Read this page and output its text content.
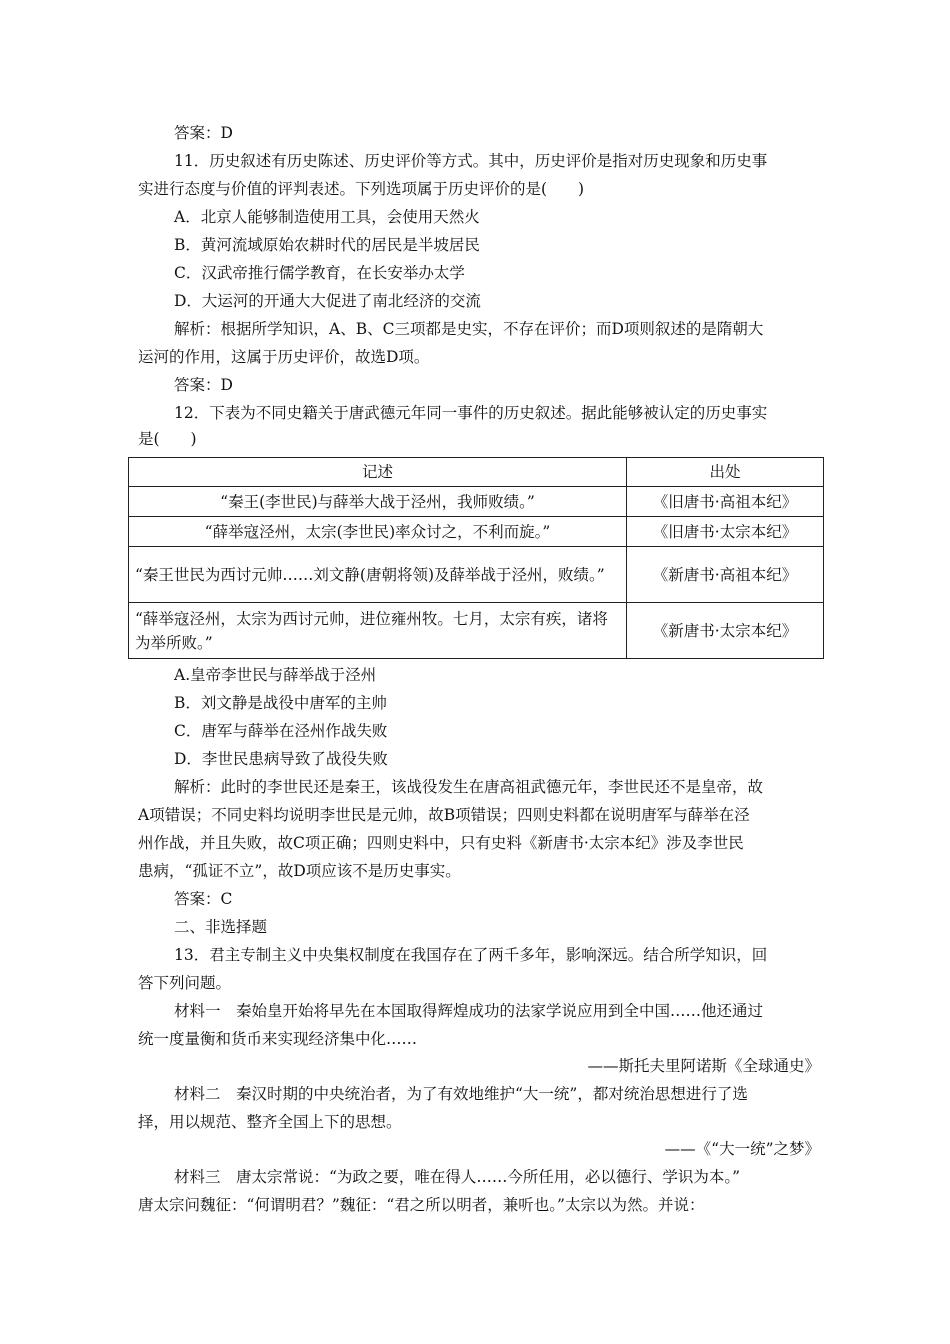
答案：D
11．历史叙述有历史陈述、历史评价等方式。其中，历史评价是指对历史现象和历史事
实进行态度与价值的评判表述。下列选项属于历史评价的是(　　)
A．北京人能够制造使用工具，会使用天然火
B．黄河流域原始农耕时代的居民是半坡居民
C．汉武帝推行儒学教育，在长安举办太学
D．大运河的开通大大促进了南北经济的交流
解析：根据所学知识，A、B、C三项都是史实，不存在评价；而D项则叙述的是隋朝大
运河的作用，这属于历史评价，故选D项。
答案：D
12．下表为不同史籍关于唐武德元年同一事件的历史叙述。据此能够被认定的历史事实
是(　　)
记述	出处
“秦王(李世民)与薛举大战于泾州，我师败绩。”	《旧唐书·高祖本纪》
“薛举寇泾州，太宗(李世民)率众讨之，不利而旋。”	《旧唐书·太宗本纪》
“秦王世民为西讨元帅……刘文静(唐朝将领)及薛举战于泾州，败绩。”	《新唐书·高祖本纪》
“薛举寇泾州，太宗为西讨元帅，进位雍州牧。七月，太宗有疾，诸将为举所败。”	《新唐书·太宗本纪》
A.皇帝李世民与薛举战于泾州
B．刘文静是战役中唐军的主帅
C．唐军与薛举在泾州作战失败
D．李世民患病导致了战役失败
解析：此时的李世民还是秦王，该战役发生在唐高祖武德元年，李世民还不是皇帝，故
A项错误；不同史料均说明李世民是元帅，故B项错误；四则史料都在说明唐军与薛举在泾
州作战，并且失败，故C项正确；四则史料中，只有史料《新唐书·太宗本纪》涉及李世民
患病，“孤证不立”，故D项应该不是历史事实。
答案：C
二、非选择题
13．君主专制主义中央集权制度在我国存在了两千多年，影响深远。结合所学知识，回
答下列问题。
材料一　秦始皇开始将早先在本国取得辉煌成功的法家学说应用到全中国……他还通过
统一度量衡和货币来实现经济集中化……
——斯托夫里阿诺斯《全球通史》
材料二　秦汉时期的中央统治者，为了有效地维护“大一统”，都对统治思想进行了选
择，用以规范、整齐全国上下的思想。
——《“大一统”之梦》
材料三　唐太宗常说：“为政之要，唯在得人……今所任用，必以德行、学识为本。”
唐太宗问魏征：“何谓明君？”魏征：“君之所以明者，兼听也。”太宗以为然。并说：
